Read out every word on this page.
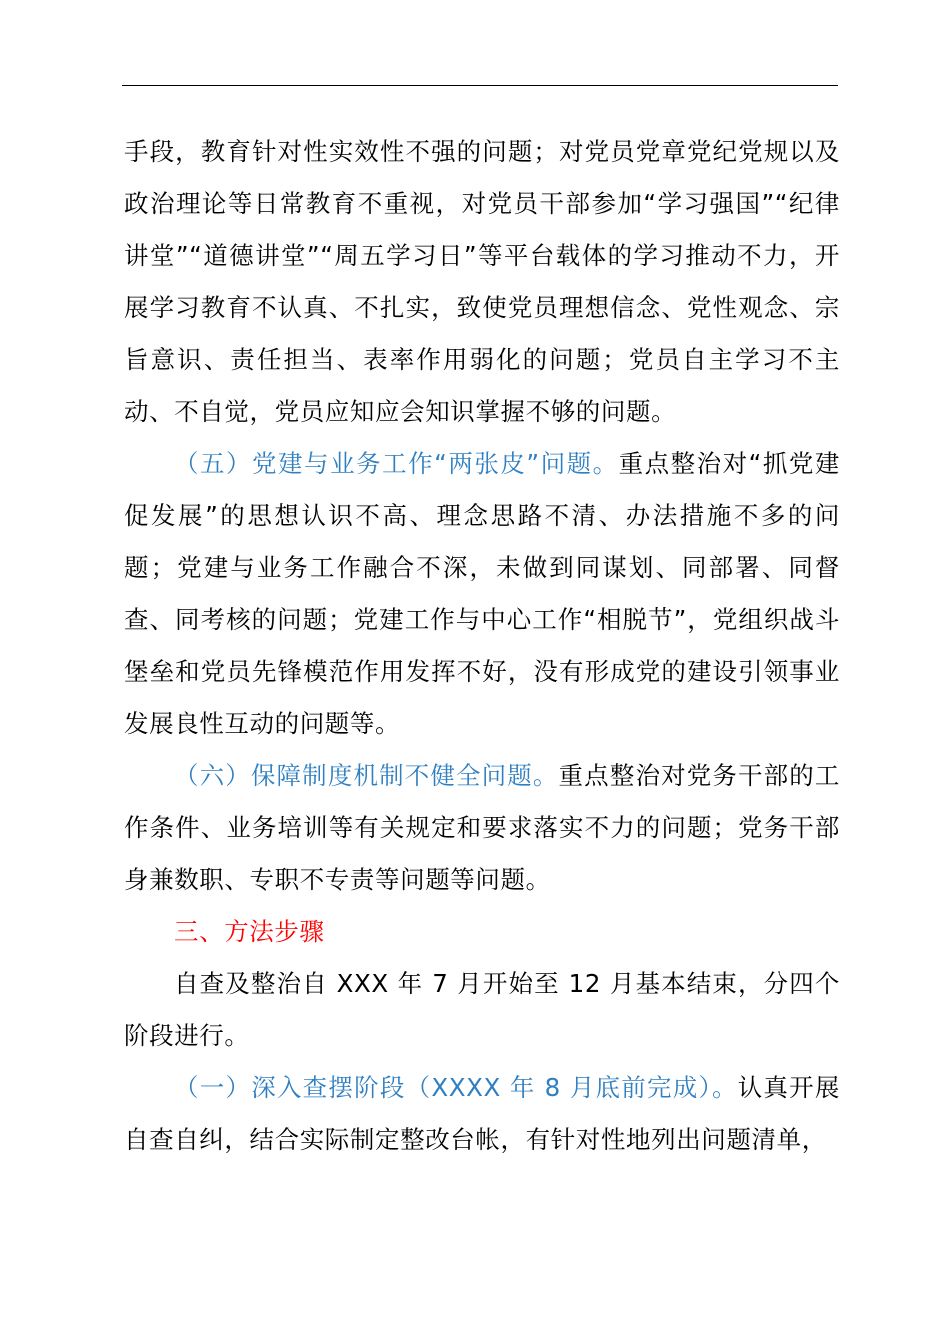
手段，教育针对性实效性不强的问题；对党员党章党纪党规以及政治理论等日常教育不重视，对党员干部参加“学习强国”“纪律讲堂”“道德讲堂”“周五学习日”等平台载体的学习推动不力，开展学习教育不认真、不扎实，致使党员理想信念、党性观念、宗旨意识、责任担当、表率作用弱化的问题；党员自主学习不主动、不自觉，党员应知应会知识掌握不够的问题。

（五）党建与业务工作“两张皮”问题。重点整治对“抓党建促发展”的思想认识不高、理念思路不清、办法措施不多的问题；党建与业务工作融合不深，未做到同谋划、同部署、同督查、同考核的问题；党建工作与中心工作“相脱节”，党组织战斗堡垒和党员先锋模范作用发挥不好，没有形成党的建设引领事业发展良性互动的问题等。

（六）保障制度机制不健全问题。重点整治对党务干部的工作条件、业务培训等有关规定和要求落实不力的问题；党务干部身兼数职、专职不专责等问题等问题。

三、方法步骤

自查及整治自 XXX 年 7 月开始至 12 月基本结束，分四个阶段进行。

（一）深入查摆阶段（XXXX 年 8 月底前完成）。认真开展自查自纠，结合实际制定整改台帐，有针对性地列出问题清单，
